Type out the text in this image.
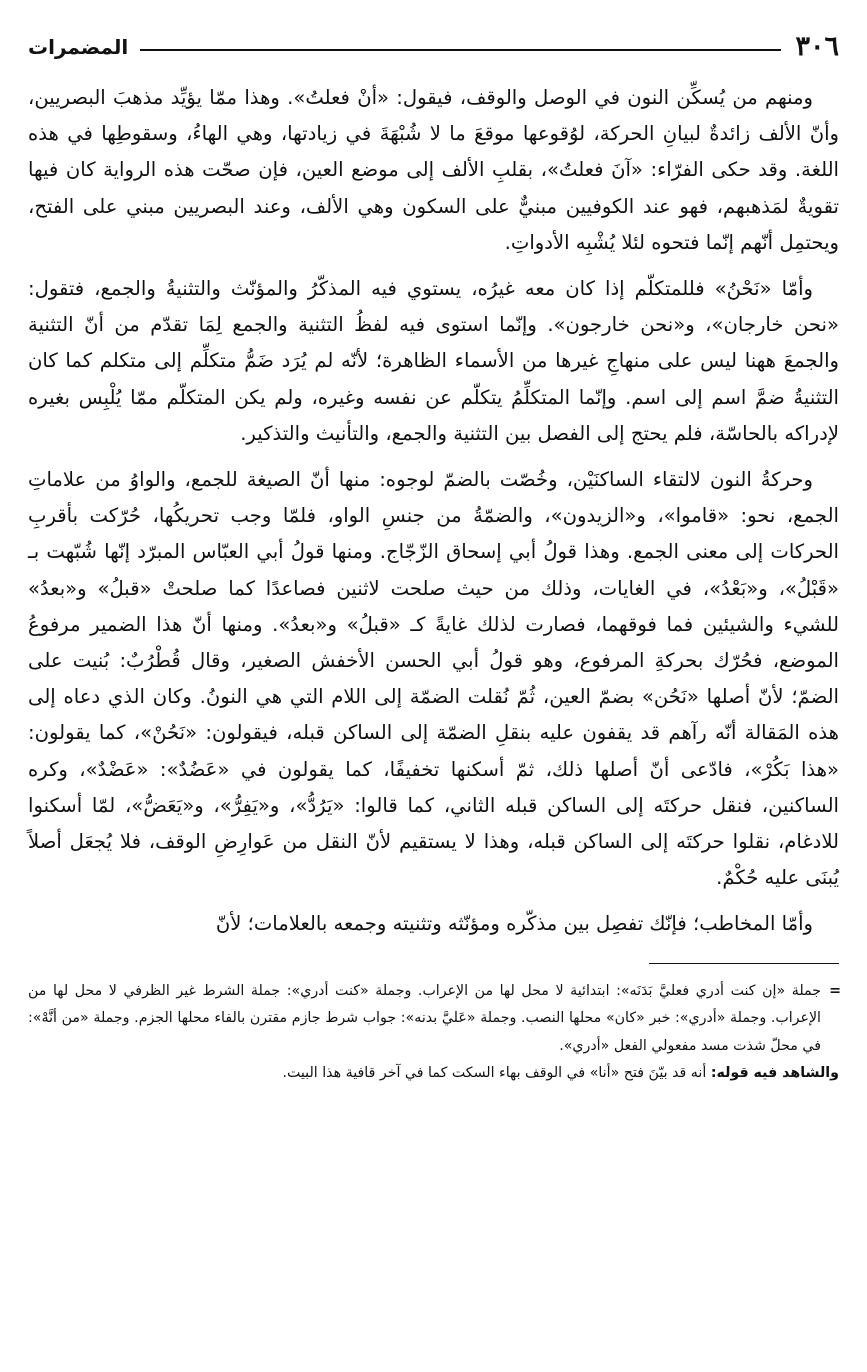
٣٠٦
المضمرات

ومنهم من يُسكِّن النون في الوصل والوقف، فيقول: «أنْ فعلتُ». وهذا ممّا يؤيِّد مذهبَ البصريين، وأنّ الألف زائدةٌ لبيانِ الحركة، لوُقوعها موقعَ ما لا شُبْهَةَ في زيادتها، وهي الهاءُ، وسقوطِها في هذه اللغة. وقد حكى الفرّاء: «آنَ فعلتُ»، بقلبِ الألف إلى موضع العين، فإن صحّت هذه الرواية كان فيها تقويةٌ لمَذهبهم، فهو عند الكوفيين مبنيٌّ على السكون وهي الألف، وعند البصريين مبني على الفتح، ويحتمِل أنّهم إنّما فتحوه لئلا يُشْبِه الأدواتِ.

وأمّا «نَحْنُ» فللمتكلّم إذا كان معه غيرُه، يستوي فيه المذكّرُ والمؤنّث والتثنيةُ والجمع، فتقول: «نحن خارجان»، و«نحن خارجون». وإنّما استوى فيه لفظُ التثنية والجمع لِمَا تقدّم من أنّ التثنية والجمعَ ههنا ليس على منهاجِ غيرها من الأسماء الظاهرة؛ لأنّه لم يُرَد ضَمُّ متكلِّم إلى متكلم كما كان التثنيةُ ضمَّ اسم إلى اسم. وإنّما المتكلِّمُ يتكلّم عن نفسه وغيره، ولم يكن المتكلّم ممّا يُلْبِس بغيره لإدراكه بالحاسّة، فلم يحتج إلى الفصل بين التثنية والجمع، والتأنيث والتذكير.

وحركةُ النون لالتقاء الساكنَيْن، وخُصّت بالضمّ لوجوه: منها أنّ الصيغة للجمع، والواوُ من علاماتِ الجمع، نحو: «قاموا»، و«الزيدون»، والضمّةُ من جنسِ الواو، فلمّا وجب تحريكُها، حُرّكت بأقربِ الحركات إلى معنى الجمع. وهذا قولُ أبي إسحاق الزّجّاج. ومنها قولُ أبي العبّاس المبرّد إنّها شُبّهت بـ «قَبْلُ»، و«بَعْدُ»، في الغايات، وذلك من حيث صلحت لاثنين فصاعدًا كما صلحتْ «قبلُ» و«بعدُ» للشيء والشيئين فما فوقهما، فصارت لذلك غايةً كـ «قبلُ» و«بعدُ». ومنها أنّ هذا الضمير مرفوعُ الموضع، فحُرّك بحركةِ المرفوع، وهو قولُ أبي الحسن الأخفش الصغير، وقال قُطْرُبٌ: بُنيت على الضمّ؛ لأنّ أصلها «نَحُن» بضمّ العين، ثُمّ نُقلت الضمّة إلى اللام التي هي النونُ. وكان الذي دعاه إلى هذه المَقالة أنّه رآهم قد يقفون عليه بنقلِ الضمّة إلى الساكن قبله، فيقولون: «نَحُنْ»، كما يقولون: «هذا بَكُرْ»، فادّعى أنّ أصلها ذلك، ثمّ أسكنها تخفيفًا، كما يقولون في «عَضُدٌ»: «عَضْدٌ»، وكره الساكنين، فنقل حركتَه إلى الساكن قبله الثاني، كما قالوا: «يَرُدُّ»، و«يَفِرُّ»، و«يَعَضُّ»، لمّا أسكنوا للادغام، نقلوا حركتَه إلى الساكن قبله، وهذا لا يستقيم لأنّ النقل من عَوارِضِ الوقف، فلا يُجعَل أصلاً يُبنَى عليه حُكْمٌ.

وأمّا المخاطب؛ فإنّك تفصِل بين مذكّره ومؤنّثه وتثنيته وجمعه بالعلامات؛ لأنّ

=

جملة «إن كنت أدري فعليَّ بَدَنَه»: ابتدائية لا محل لها من الإعراب. وجملة «كنت أدري»: جملة الشرط غير الظرفي لا محل لها من الإعراب. وجملة «أدري»: خبر «كان» محلها النصب. وجملة «عَليَّ بدنه»: جواب شرط جازم مقترن بالفاء محلها الجزم. وجملة «من أنَّهْ»: في محلّ شذت مسد مفعولي الفعل «أدري».

والشاهد فيه قوله: أنه قد بيّنَ فتح «أنا» في الوقف بهاء السكت كما في آخر قافية هذا البيت.
